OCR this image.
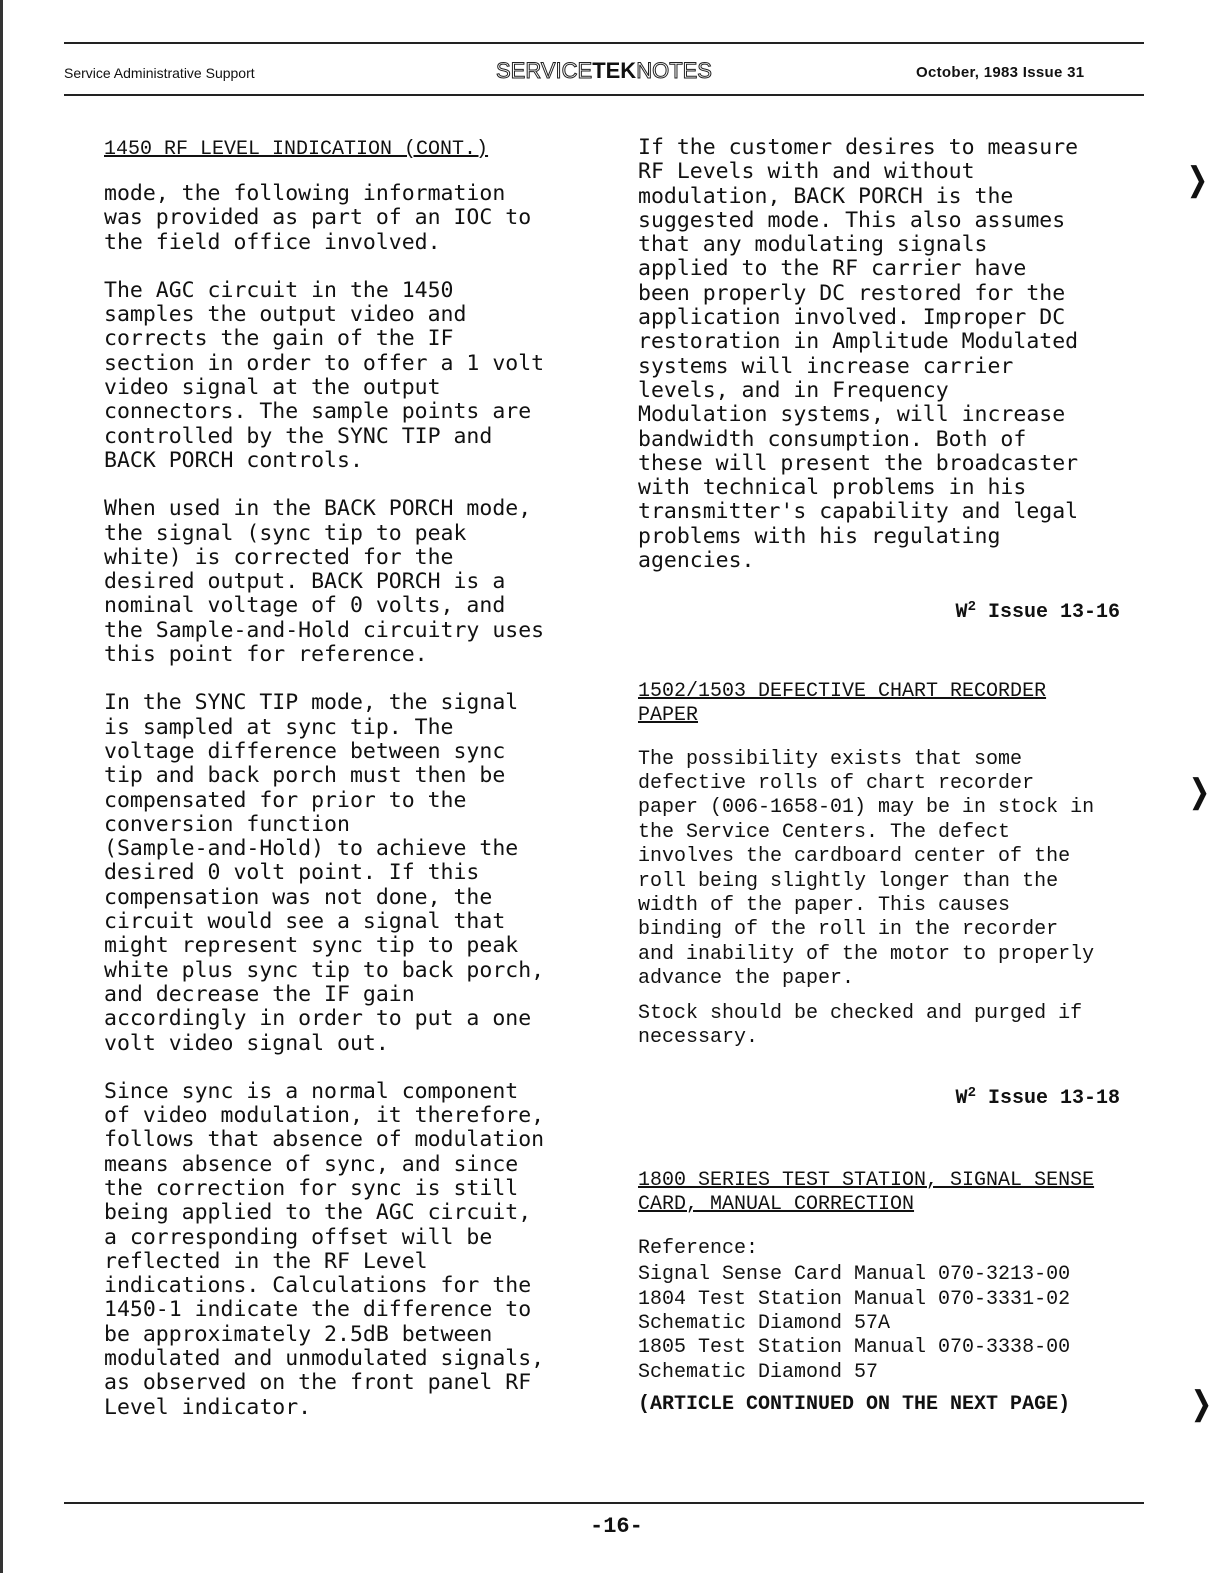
Service Administrative Support	SERVICETEKNOTES	October, 1983 Issue 31

1450 RF LEVEL INDICATION (CONT.)

mode, the following information
was provided as part of an IOC to
the field office involved.

The AGC circuit in the 1450
samples the output video and
corrects the gain of the IF
section in order to offer a 1 volt
video signal at the output
connectors. The sample points are
controlled by the SYNC TIP and
BACK PORCH controls.

When used in the BACK PORCH mode,
the signal (sync tip to peak
white) is corrected for the
desired output. BACK PORCH is a
nominal voltage of 0 volts, and
the Sample-and-Hold circuitry uses
this point for reference.

In the SYNC TIP mode, the signal
is sampled at sync tip. The
voltage difference between sync
tip and back porch must then be
compensated for prior to the
conversion function
(Sample-and-Hold) to achieve the
desired 0 volt point. If this
compensation was not done, the
circuit would see a signal that
might represent sync tip to peak
white plus sync tip to back porch,
and decrease the IF gain
accordingly in order to put a one
volt video signal out.

Since sync is a normal component
of video modulation, it therefore,
follows that absence of modulation
means absence of sync, and since
the correction for sync is still
being applied to the AGC circuit,
a corresponding offset will be
reflected in the RF Level
indications. Calculations for the
1450-1 indicate the difference to
be approximately 2.5dB between
modulated and unmodulated signals,
as observed on the front panel RF
Level indicator.

If the customer desires to measure
RF Levels with and without
modulation, BACK PORCH is the
suggested mode. This also assumes
that any modulating signals
applied to the RF carrier have
been properly DC restored for the
application involved. Improper DC
restoration in Amplitude Modulated
systems will increase carrier
levels, and in Frequency
Modulation systems, will increase
bandwidth consumption. Both of
these will present the broadcaster
with technical problems in his
transmitter's capability and legal
problems with his regulating
agencies.

$W^2$ Issue 13-16

1502/1503 DEFECTIVE CHART RECORDER
PAPER

The possibility exists that some
defective rolls of chart recorder
paper (006-1658-01) may be in stock in
the Service Centers. The defect
involves the cardboard center of the
roll being slightly longer than the
width of the paper. This causes
binding of the roll in the recorder
and inability of the motor to properly
advance the paper.

Stock should be checked and purged if
necessary.

$W^2$ Issue 13-18

1800 SERIES TEST STATION, SIGNAL SENSE
CARD, MANUAL CORRECTION

Reference:

Signal Sense Card Manual 070-3213-00
1804 Test Station Manual 070-3331-02
Schematic Diamond 57A
1805 Test Station Manual 070-3338-00
Schematic Diamond 57

(ARTICLE CONTINUED ON THE NEXT PAGE)

❭
❭
❭
-16-
